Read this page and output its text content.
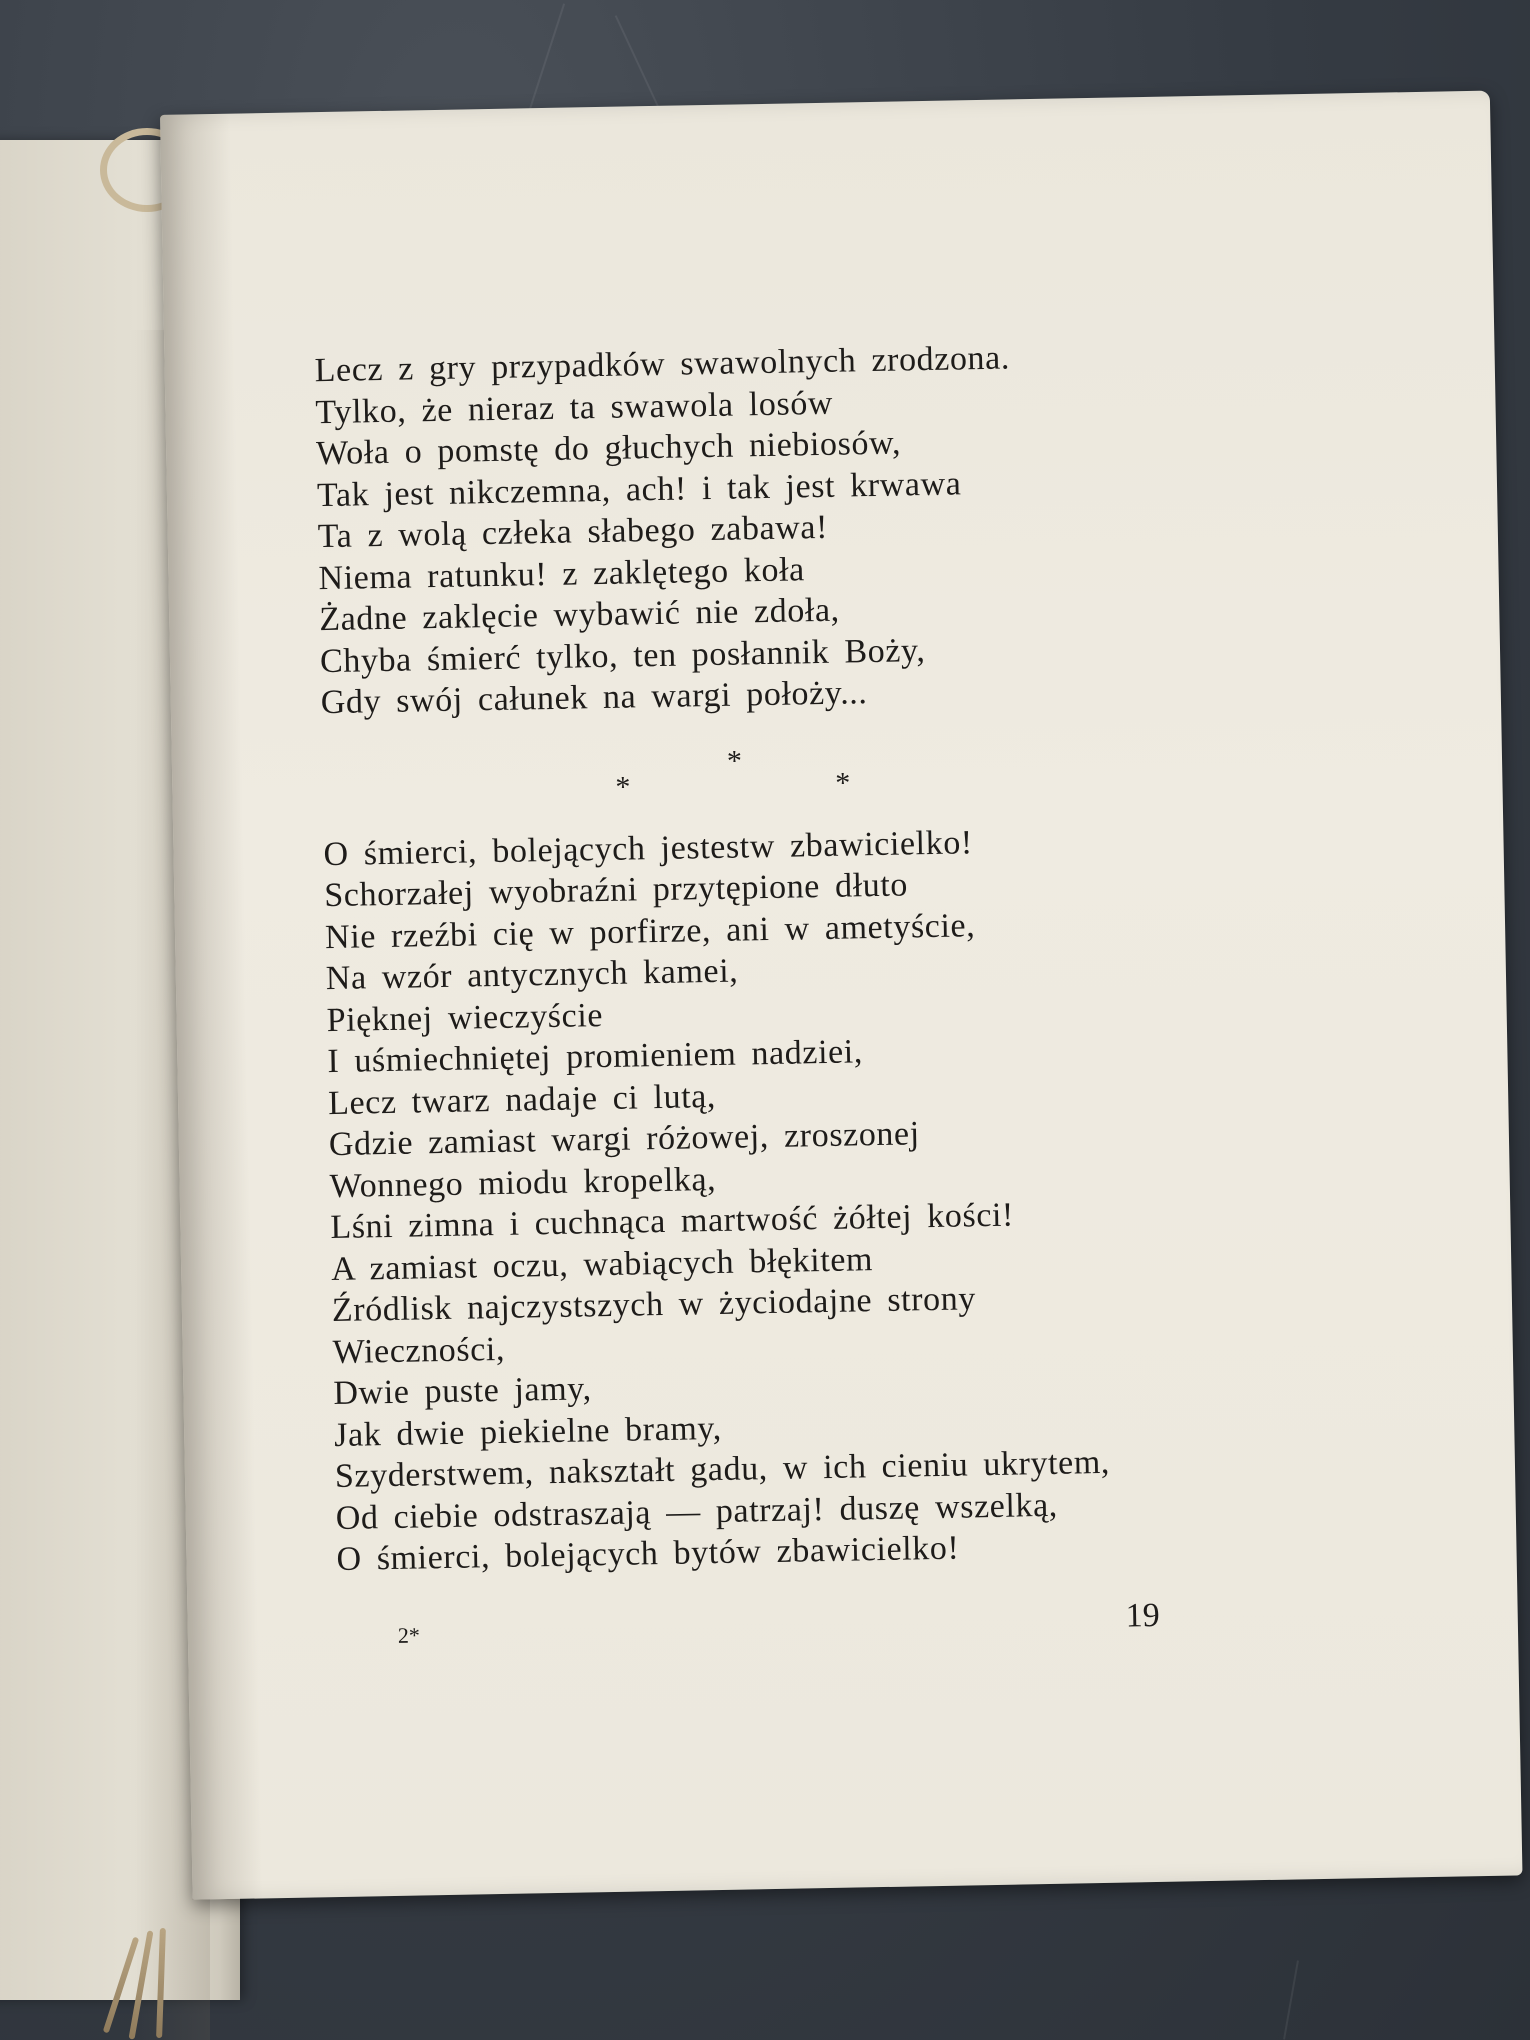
Lecz z gry przypadków swawolnych zrodzona.
Tylko, że nieraz ta swawola losów
Woła o pomstę do głuchych niebiosów,
Tak jest nikczemna, ach! i tak jest krwawa
Ta z wolą człeka słabego zabawa!
Niema ratunku! z zaklętego koła
Żadne zaklęcie wybawić nie zdoła,
Chyba śmierć tylko, ten posłannik Boży,
Gdy swój całunek na wargi położy...
*
*	*
O śmierci, bolejących jestestw zbawicielko!
Schorzałej wyobraźni przytępione dłuto
Nie rzeźbi cię w porfirze, ani w ametyście,
Na wzór antycznych kamei,
Pięknej wieczyście
I uśmiechniętej promieniem nadziei,
Lecz twarz nadaje ci lutą,
Gdzie zamiast wargi różowej, zroszonej
Wonnego miodu kropelką,
Lśni zimna i cuchnąca martwość żółtej kości!
A zamiast oczu, wabiących błękitem
Źródlisk najczystszych w życiodajne strony
Wieczności,
Dwie puste jamy,
Jak dwie piekielne bramy,
Szyderstwem, nakształt gadu, w ich cieniu ukrytem,
Od ciebie odstraszają — patrzaj! duszę wszelką,
O śmierci, bolejących bytów zbawicielko!
2*
19
